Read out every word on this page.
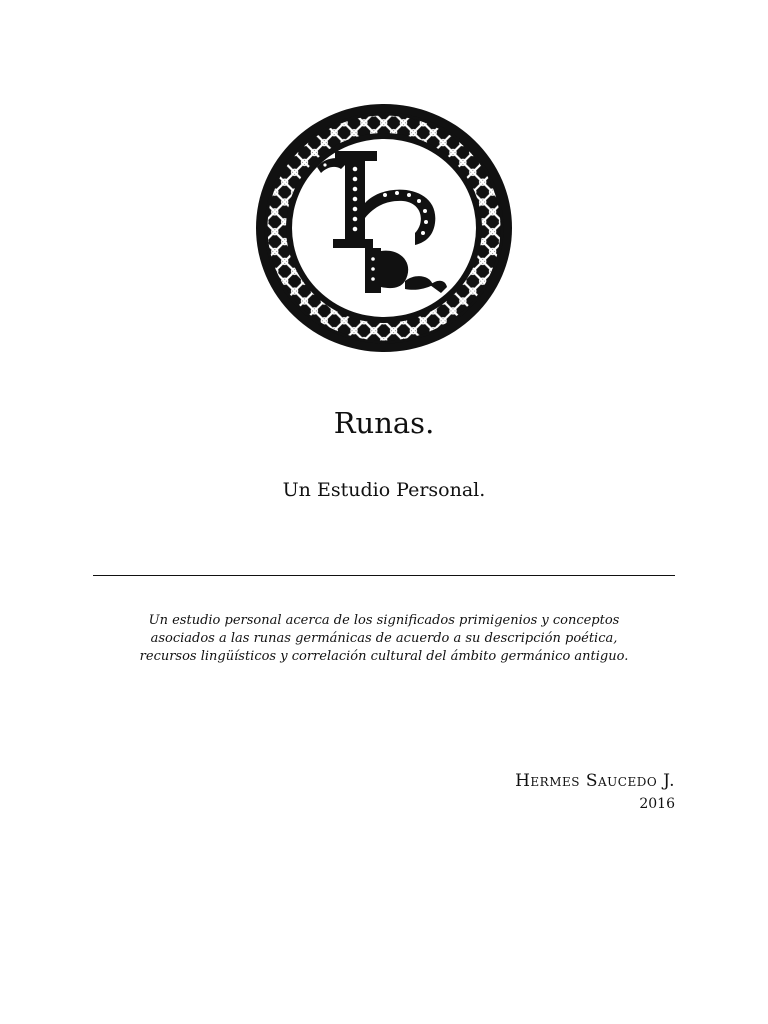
Runas.

Un Estudio Personal.

Un estudio personal acerca de los significados primigenios y conceptos
asociados a las runas germánicas de acuerdo a su descripción poética,
recursos lingüísticos y correlación cultural del ámbito germánico antiguo.

Hermes Saucedo J.
2016
